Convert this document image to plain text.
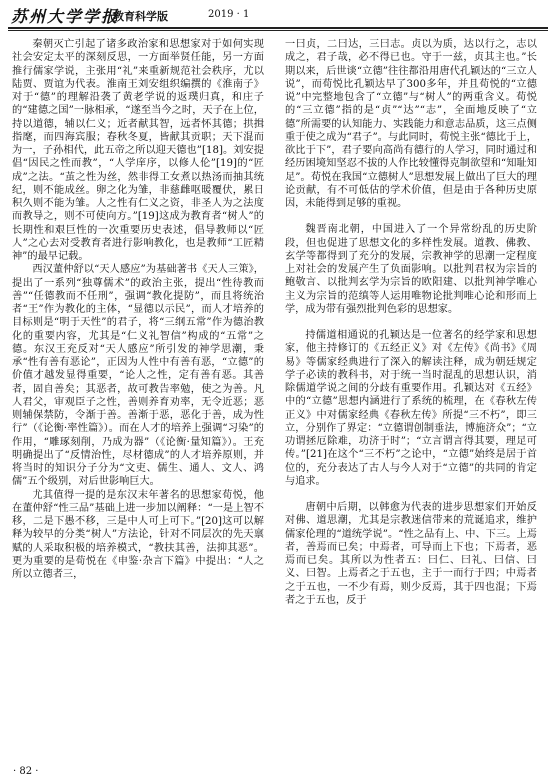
苏州大学学报
教育科学版	2019 · 1

秦朝灭亡引起了诸多政治家和思想家对于如何实现社会安定太平的深刻反思，一方面举贤任能，另一方面推行儒家学说，主张用“礼”来重新规范社会秩序，尤以陆贾、贾谊为代表。淮南王刘安组织编撰的《淮南子》对于“德”的理解沿袭了黄老学说的返璞归真，和庄子的“建德之国”一脉相承，“遂至当今之时，天子在上位，持以道德，辅以仁义；近者献其智，远者怀其德；拱揖指麾，而四海宾服；春秋冬夏，皆献其贡职；天下混而为一，子孙相代，此五帝之所以迎天德也”[18]。刘安提倡“因民之性而教”，“人学庠序，以修人伦”[19]的“匠成”之法。“茧之性为丝，然非得工女煮以热汤而抽其统纪，则不能成丝。卵之化为雏，非慈雌呕暖覆伏，累日积久则不能为雏。人之性有仁义之资，非圣人为之法度而教导之，则不可使向方。”[19]这成为教育者“树人”的长期性和艰巨性的一次重要历史表述，倡导教师以“匠人”之心去对受教育者进行影响教化，也是教师“工匠精神”的最早记载。

西汉董仲舒以“天人感应”为基础著书《天人三策》，提出了一系列“独尊儒术”的政治主张，提出“性待教而善”“任德教而不任刑”，强调“教化提防”，而且将统治者“王”作为教化的主体，“显德以示民”，而人才培养的目标则是“明于天性”的君子，将“三纲五常”作为德治教化的重要内容，尤其是“仁义礼智信”构成的“五常”之德。东汉王充反对“天人感应”所引发的神学思潮，秉承“性有善有恶论”，正因为人性中有善有恶，“立德”的价值才越发显得重要，“论人之性，定有善有恶。其善者，固自善矣；其恶者，故可教告率勉，使之为善。凡人君父，审观臣子之性，善则养育劝率，无令近恶；恶则辅保禁防，令渐于善。善渐于恶，恶化于善，成为性行”（《论衡·率性篇》）。而在人才的培养上强调“习染”的作用，“雕琢刻削，乃成为器”（《论衡·量知篇》）。王充明确提出了“反情治性，尽材德成”的人才培养原则，并将当时的知识分子分为“文吏、儒生、通人、文人、鸿儒”五个级别，对后世影响巨大。

尤其值得一提的是东汉末年著名的思想家荀悦，他在董仲舒“性三品”基础上进一步加以阐释：“一是上智不移，二是下愚不移，三是中人可上可下。”[20]这可以解释为较早的分类“树人”方法论，针对不同层次的先天禀赋的人采取积极的培养模式，“教扶其善，法抑其恶”。更为重要的是荀悦在《申鉴·杂言下篇》中提出：“人之所以立德者三，

一曰贞，二曰达，三曰志。贞以为质，达以行之，志以成之，君子哉，必不得已也。守于一兹，贞其主也。”长期以来，后世谈“立德”往往都沿用唐代孔颖达的“三立人说”，而荀悦比孔颖达早了300多年，并且荀悦的“立德说”中完整地包含了“立德”与“树人”的两重含义。荀悦的“三立德”指的是“贞”“达”“志”，全面地反映了“立德”所需要的认知能力、实践能力和意志品质，这三点侧重于使之成为“君子”。与此同时，荀悦主张“德比于上，欲比于下”，君子要向高尚有德行的人学习，同时通过和经历困境知坚忍不拔的人作比较懂得克制欲望和“知耻知足”。荀悦在我国“立德树人”思想发展上做出了巨大的理论贡献，有不可低估的学术价值，但是由于各种历史原因，未能得到足够的重视。

魏晋南北朝，中国进入了一个异常纷乱的历史阶段，但也促进了思想文化的多样性发展。道教、佛教、玄学等都得到了充分的发展，宗教神学的思潮一定程度上对社会的发展产生了负面影响。以批判君权为宗旨的鲍敬言、以批判玄学为宗旨的欧阳建、以批判神学唯心主义为宗旨的范缜等人运用唯物论批判唯心论和形而上学，成为带有强烈批判色彩的思想家。

持儒道相通说的孔颖达是一位著名的经学家和思想家，他主持修订的《五经正义》对《左传》《尚书》《周易》等儒家经典进行了深入的解读注释，成为朝廷规定学子必读的教科书，对于统一当时混乱的思想认识，消除儒道学说之间的分歧有重要作用。孔颖达对《五经》中的“立德”思想内涵进行了系统的梳理，在《春秋左传正义》中对儒家经典《春秋左传》所提“三不朽”，即三立，分别作了界定：“立德谓创制垂法，博施济众”；“立功谓拯厄除难，功济于时”；“立言谓言得其要，理足可传。”[21]在这个“三不朽”之论中，“立德”始终是居于首位的，充分表达了古人与今人对于“立德”的共同的肯定与追求。

唐朝中后期，以韩愈为代表的进步思想家们开始反对佛、道思潮，尤其是宗教迷信带来的荒诞追求，维护儒家伦理的“道统学说”。“性之品有上、中、下三。上焉者，善焉而已矣；中焉者，可导而上下也；下焉者，恶焉而已矣。其所以为性者五：曰仁、曰礼、曰信、曰义、曰智。上焉者之于五也，主于一而行于四；中焉者之于五也，一不少有焉，则少反焉，其于四也混；下焉者之于五也，反于

· 82 ·
